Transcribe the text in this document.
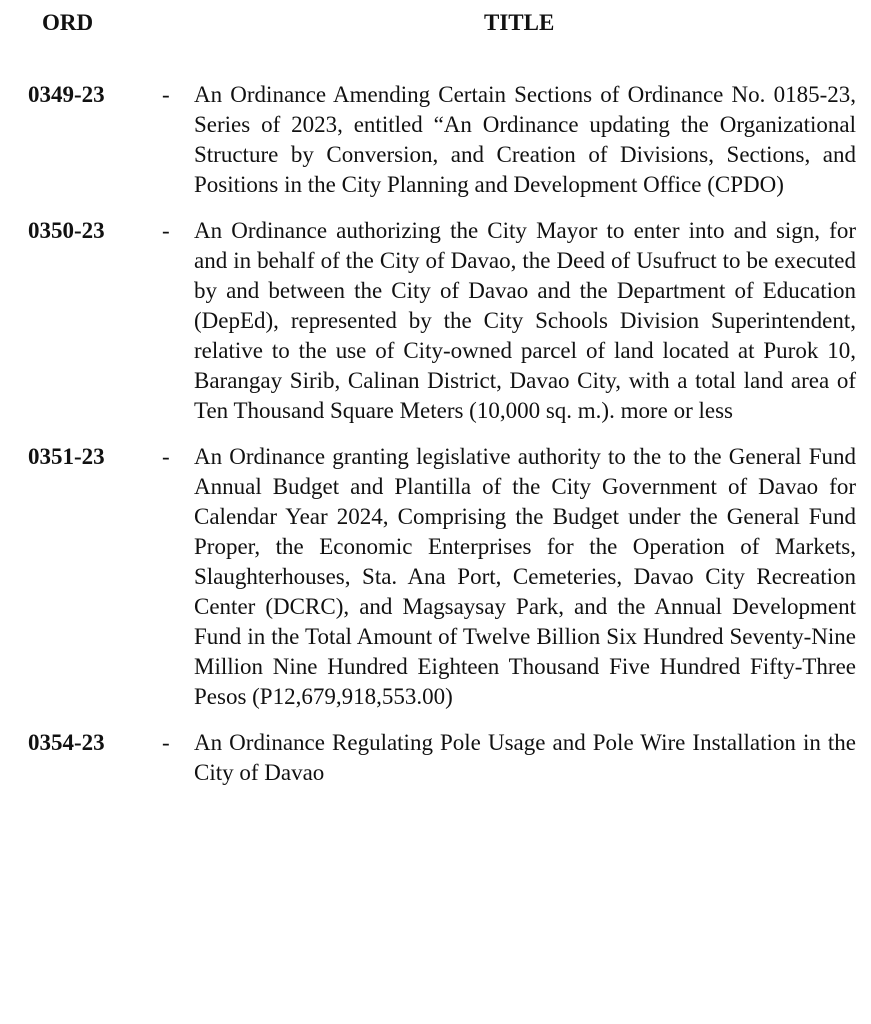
ORD	TITLE
0349-23 - An Ordinance Amending Certain Sections of Ordinance No. 0185-23, Series of 2023, entitled “An Ordinance updating the Organizational Structure by Conversion, and Creation of Divisions, Sections, and Positions in the City Planning and Development Office (CPDO)
0350-23 - An Ordinance authorizing the City Mayor to enter into and sign, for and in behalf of the City of Davao, the Deed of Usufruct to be executed by and between the City of Davao and the Department of Education (DepEd), represented by the City Schools Division Superintendent, relative to the use of City-owned parcel of land located at Purok 10, Barangay Sirib, Calinan District, Davao City, with a total land area of Ten Thousand Square Meters (10,000 sq. m.). more or less
0351-23 - An Ordinance granting legislative authority to the to the General Fund Annual Budget and Plantilla of the City Government of Davao for Calendar Year 2024, Comprising the Budget under the General Fund Proper, the Economic Enterprises for the Operation of Markets, Slaughterhouses, Sta. Ana Port, Cemeteries, Davao City Recreation Center (DCRC), and Magsaysay Park, and the Annual Development Fund in the Total Amount of Twelve Billion Six Hundred Seventy-Nine Million Nine Hundred Eighteen Thousand Five Hundred Fifty-Three Pesos (P12,679,918,553.00)
0354-23 - An Ordinance Regulating Pole Usage and Pole Wire Installation in the City of Davao
